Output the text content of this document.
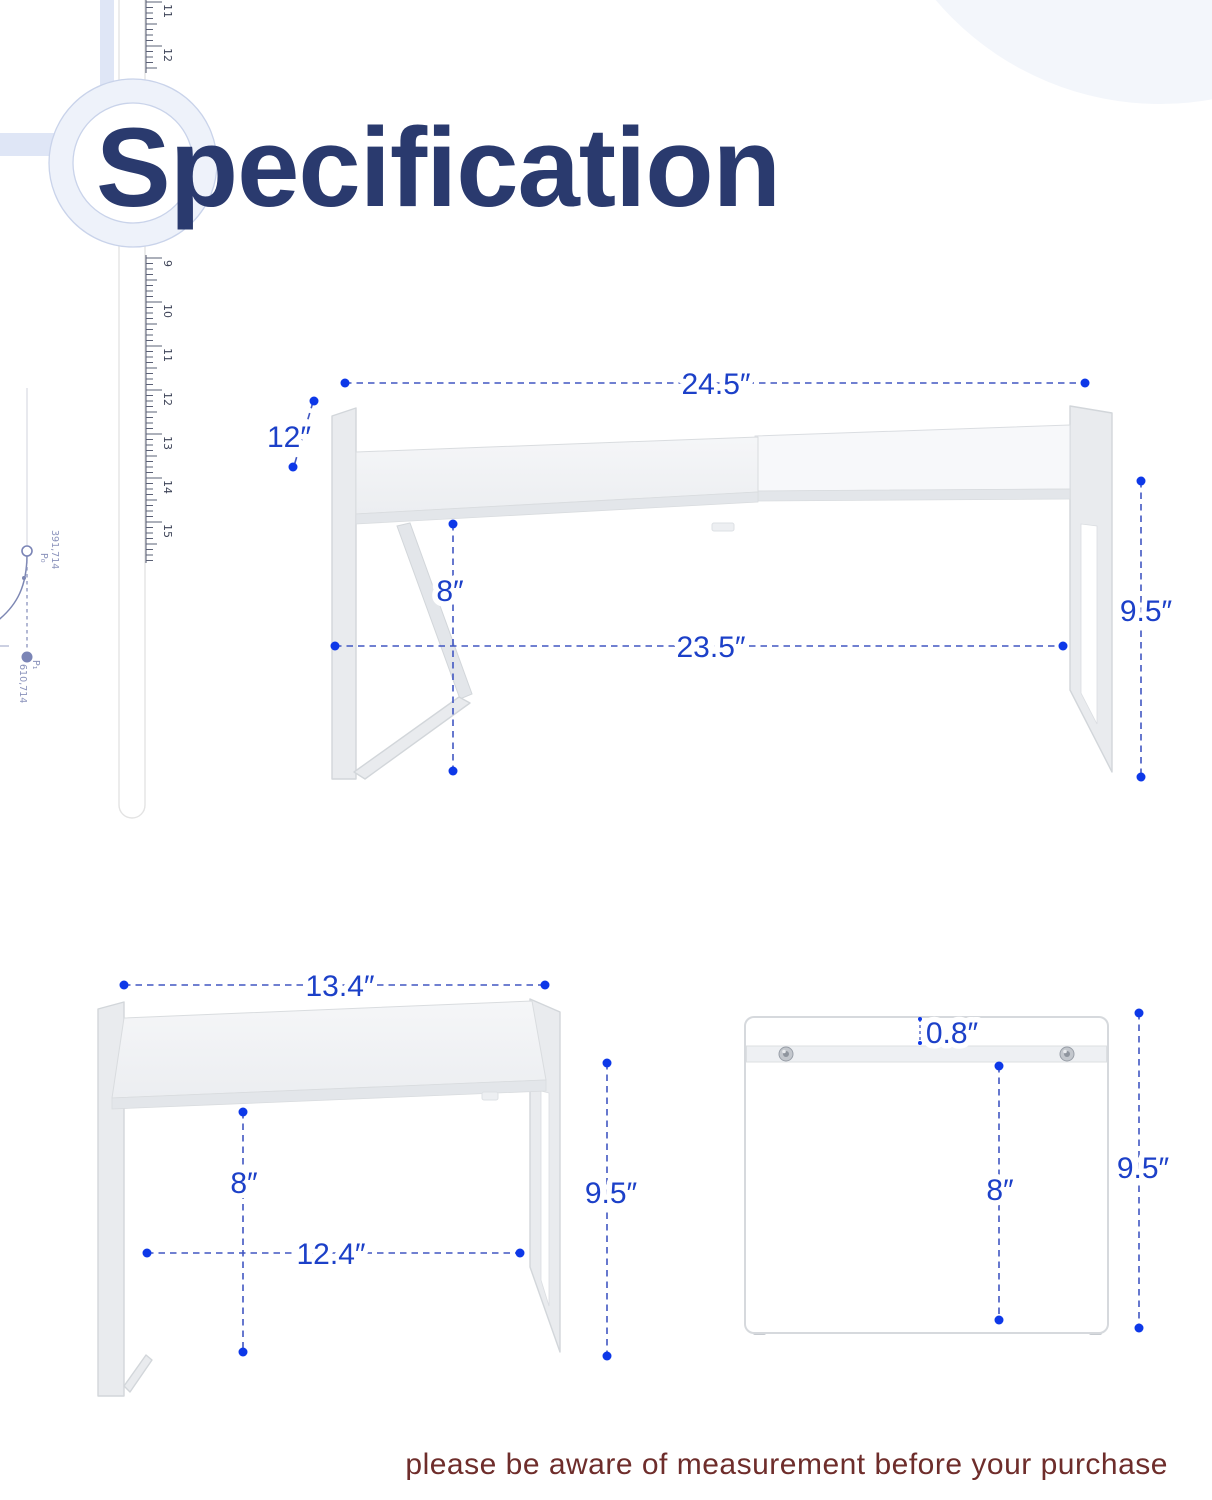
11
12
9
10
11
12
13
14
15
391,714
P₀
610,714 P₁
24.5″
12″
8″
23.5″
9.5″
13.4″
8″
12.4″
9.5″
0.8″
8″
9.5″
Specification
please be aware of measurement before your purchase
